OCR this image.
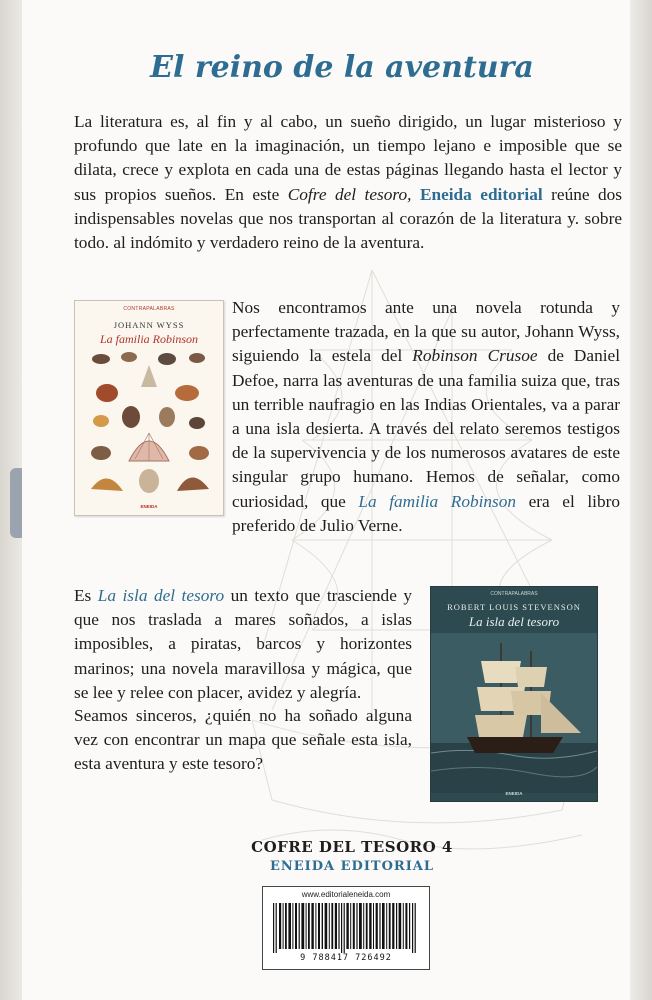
El reino de la aventura

La literatura es, al fin y al cabo, un sueño dirigido, un lugar misterioso y profundo que late en la imaginación, un tiempo lejano e imposible que se dilata, crece y explota en cada una de estas páginas llegando hasta el lector y sus propios sueños. En este Cofre del tesoro, Eneida editorial reúne dos indispensables novelas que nos transportan al corazón de la literatura y. sobre todo. al indómito y verdadero reino de la aventura.

CONTRAPALABRAS
JOHANN WYSS
La familia Robinson
ENEIDA

Nos encontramos ante una novela rotunda y perfectamente trazada, en la que su autor, Johann Wyss, siguiendo la estela del Robinson Crusoe de Daniel Defoe, narra las aventuras de una familia suiza que, tras un terrible naufragio en las Indias Orientales, va a parar a una isla desierta. A través del relato seremos testigos de la supervivencia y de los numerosos avatares de este singular grupo humano. Hemos de señalar, como curiosidad, que La familia Robinson era el libro preferido de Julio Verne.

Es La isla del tesoro un texto que trasciende y que nos traslada a mares soñados, a islas imposibles, a piratas, barcos y horizontes marinos; una novela maravillosa y mágica, que se lee y relee con placer, avidez y alegría.

Seamos sinceros, ¿quién no ha soñado alguna vez con encontrar un mapa que señale esta isla, esta aventura y este tesoro?

CONTRAPALABRAS
ROBERT LOUIS STEVENSON
La isla del tesoro
ENEIDA
COFRE DEL TESORO 4
ENEIDA EDITORIAL
www.editorialeneida.com
9 788417 726492
